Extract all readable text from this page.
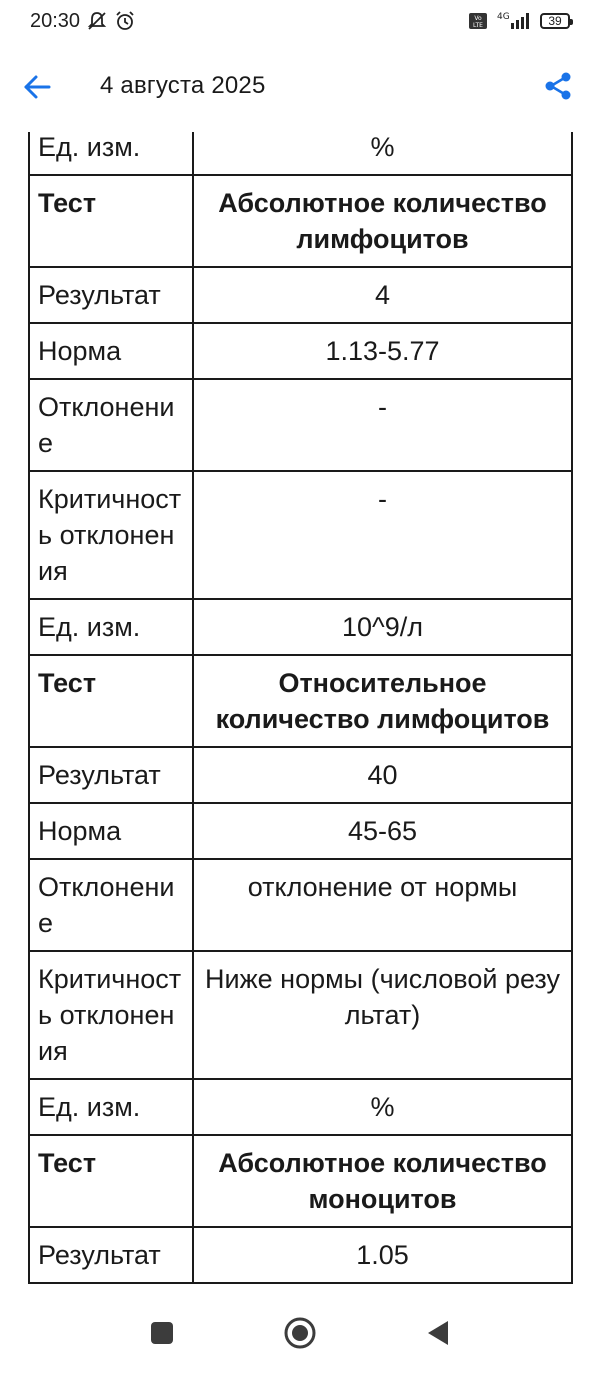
20:30	Vo
LTE
4G	39
4 августа 2025
Ед. изм.	%
Тест	Абсолютное количество лимфоцитов
Результат	4
Норма	1.13-5.77
Отклонение	-
Критичность отклонения	-
Ед. изм.	10^9/л
Тест	Относительное количество лимфоцитов
Результат	40
Норма	45-65
Отклонение	отклонение от нормы
Критичность отклонения	Ниже нормы (числовой результат)
Ед. изм.	%
Тест	Абсолютное количество моноцитов
Результат	1.05
